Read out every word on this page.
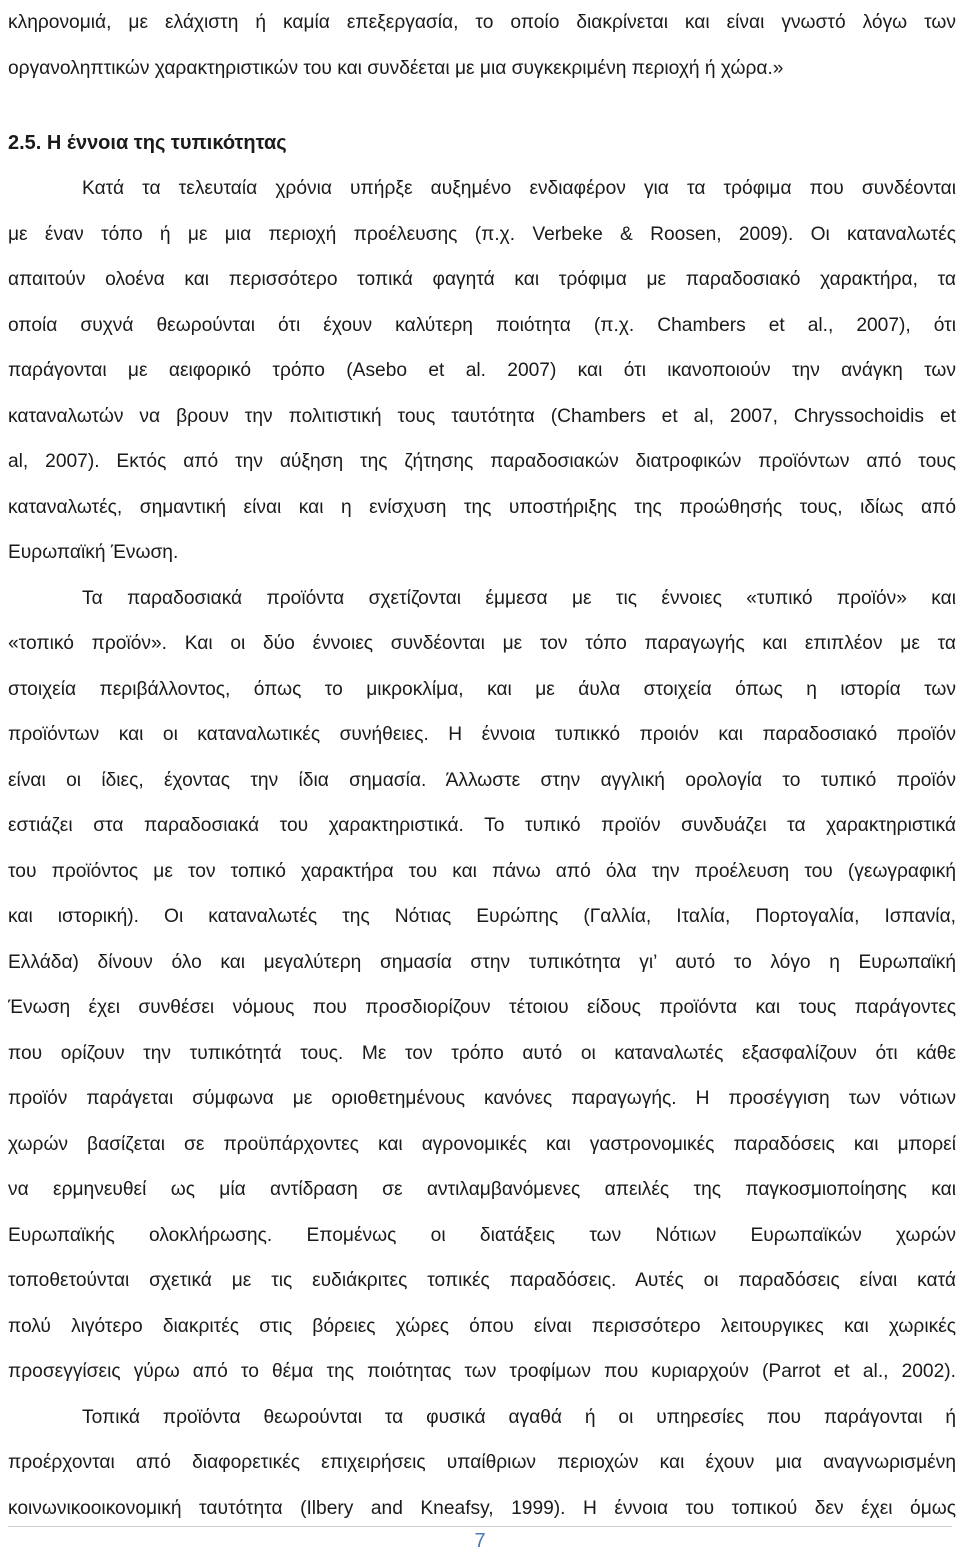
κληρονομιά, με ελάχιστη ή καμία επεξεργασία, το οποίο διακρίνεται και είναι γνωστό λόγω των
οργανοληπτικών χαρακτηριστικών του και συνδέεται με μια συγκεκριμένη περιοχή ή χώρα.»
2.5. Η έννοια της τυπικότητας
Κατά τα τελευταία χρόνια υπήρξε αυξημένο ενδιαφέρον για τα τρόφιμα που συνδέονται
με έναν τόπο ή με μια περιοχή προέλευσης (π.χ. Verbeke & Roosen, 2009). Οι καταναλωτές
απαιτούν ολοένα και περισσότερο τοπικά φαγητά και τρόφιμα με παραδοσιακό χαρακτήρα, τα
οποία συχνά θεωρούνται ότι έχουν καλύτερη ποιότητα (π.χ. Chambers et al., 2007), ότι
παράγονται με αειφορικό τρόπο (Asebo et al. 2007) και ότι ικανοποιούν την ανάγκη των
καταναλωτών να βρουν την πολιτιστική τους ταυτότητα (Chambers et al, 2007, Chryssochoidis et
al, 2007). Εκτός από την αύξηση της ζήτησης παραδοσιακών διατροφικών προϊόντων από τους
καταναλωτές, σημαντική είναι και η ενίσχυση της υποστήριξης της προώθησής τους, ιδίως από
Ευρωπαϊκή Ένωση.
Τα παραδοσιακά προϊόντα σχετίζονται έμμεσα με τις έννοιες «τυπικό προϊόν» και
«τοπικό προϊόν». Και οι δύο έννοιες συνδέονται με τον τόπο παραγωγής και επιπλέον με τα
στοιχεία περιβάλλοντος, όπως το μικροκλίμα, και με άυλα στοιχεία όπως η ιστορία των
προϊόντων και οι καταναλωτικές συνήθειες. Η έννοια τυπικκό προιόν και παραδοσιακό προϊόν
είναι οι ίδιες, έχοντας την ίδια σημασία. Άλλωστε στην αγγλική ορολογία το τυπικό προϊόν
εστιάζει στα παραδοσιακά του χαρακτηριστικά. Το τυπικό προϊόν συνδυάζει τα χαρακτηριστικά
του προϊόντος με τον τοπικό χαρακτήρα του και πάνω από όλα την προέλευση του (γεωγραφική
και ιστορική). Οι καταναλωτές της Νότιας Ευρώπης (Γαλλία, Ιταλία, Πορτογαλία, Ισπανία,
Ελλάδα) δίνουν όλο και μεγαλύτερη σημασία στην τυπικότητα γι’ αυτό το λόγο η Ευρωπαϊκή
Ένωση έχει συνθέσει νόμους που προσδιορίζουν τέτοιου είδους προϊόντα και τους παράγοντες
που ορίζουν την τυπικότητά τους. Με τον τρόπο αυτό οι καταναλωτές εξασφαλίζουν ότι κάθε
προϊόν παράγεται σύμφωνα με οριοθετημένους κανόνες παραγωγής. Η προσέγγιση των νότιων
χωρών βασίζεται σε προϋπάρχοντες και αγρονομικές και γαστρονομικές παραδόσεις και μπορεί
να ερμηνευθεί ως μία αντίδραση σε αντιλαμβανόμενες απειλές της παγκοσμιοποίησης και
Ευρωπαϊκής ολοκλήρωσης. Επομένως οι διατάξεις των Νότιων Ευρωπαϊκών χωρών
τοποθετούνται σχετικά με τις ευδιάκριτες τοπικές παραδόσεις. Αυτές οι παραδόσεις είναι κατά
πολύ λιγότερο διακριτές στις βόρειες χώρες όπου είναι περισσότερο λειτουργικες και χωρικές
προσεγγίσεις γύρω από το θέμα της ποιότητας των τροφίμων που κυριαρχούν (Parrot et al., 2002).
Τοπικά προϊόντα θεωρούνται τα φυσικά αγαθά ή οι υπηρεσίες που παράγονται ή
προέρχονται από διαφορετικές επιχειρήσεις υπαίθριων περιοχών και έχουν μια αναγνωρισμένη
κοινωνικοοικονομική ταυτότητα (Ilbery and Kneafsy, 1999). Η έννοια του τοπικού δεν έχει όμως
7
